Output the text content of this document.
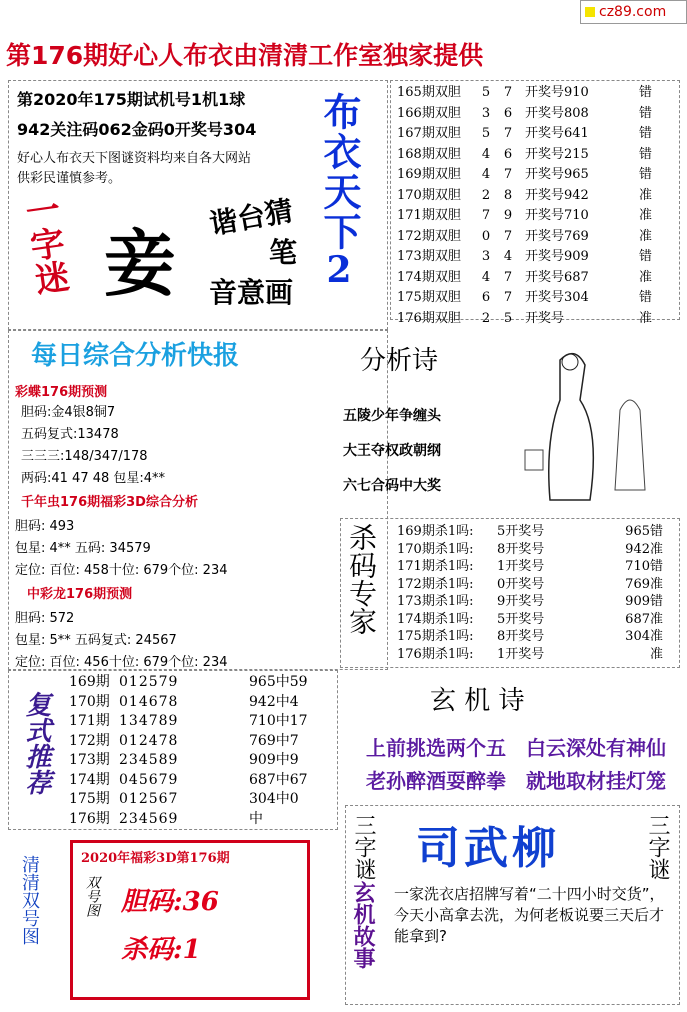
cz89.com
第176期好心人布衣由清清工作室独家提供
第2020年175期试机号1机1球
942关注码062金码0开奖号304
好心人布衣天下图谜资料均来自各大网站
供彩民谨慎参考。
一字迷 妾
谐台猜
笔
音意画
布衣天下
2
165期双胆 5 7 开奖号910	错
166期双胆 3 6 开奖号808	错
167期双胆 5 7 开奖号641	错
168期双胆 4 6 开奖号215	错
169期双胆 4 7 开奖号965	错
170期双胆 2 8 开奖号942	准
171期双胆 7 9 开奖号710	准
172期双胆 0 7 开奖号769	准
173期双胆 3 4 开奖号909	错
174期双胆 4 7 开奖号687	准
175期双胆 6 7 开奖号304	错
176期双胆 2 5 开奖号	准
每日综合分析快报
彩蝶176期预测
胆码:金4银8铜7
五码复式:13478
三三三:148/347/178
两码:41 47 48 包星:4**
千年虫176期福彩3D综合分析
胆码: 493
包星: 4** 五码: 34579
定位: 百位: 458十位: 679个位: 234
中彩龙176期预测
胆码: 572
包星: 5** 五码复式: 24567
定位: 百位: 456十位: 679个位: 234
分析诗
五陵少年争缠头
大王夺权政朝纲
六七合码中大奖
杀码专家 169期杀1吗: 5开奖号	965错
170期杀1吗: 8开奖号	942准
171期杀1吗: 1开奖号	710错
172期杀1吗: 0开奖号	769准
173期杀1吗: 9开奖号	909错
174期杀1吗: 5开奖号	687准
175期杀1吗: 8开奖号	304准
176期杀1吗: 1开奖号	准
复式推荐
169期 012579	965中59
170期 014678	942中4
171期 134789	710中17
172期 012478	769中7
173期 234589	909中9
174期 045679	687中67
175期 012567	304中0
176期 234569	中
玄 机 诗
上前挑选两个五　白云深处有神仙
老孙醉酒耍醉拳　就地取材挂灯笼
清清双号图	2020年福彩3D第176期
双号图 胆码:36
杀码:1
三字谜	三字谜
司武柳
玄机故事 一家洗衣店招牌写着“二十四小时交货”，今天小高拿去洗，为何老板说要三天后才能拿到?
